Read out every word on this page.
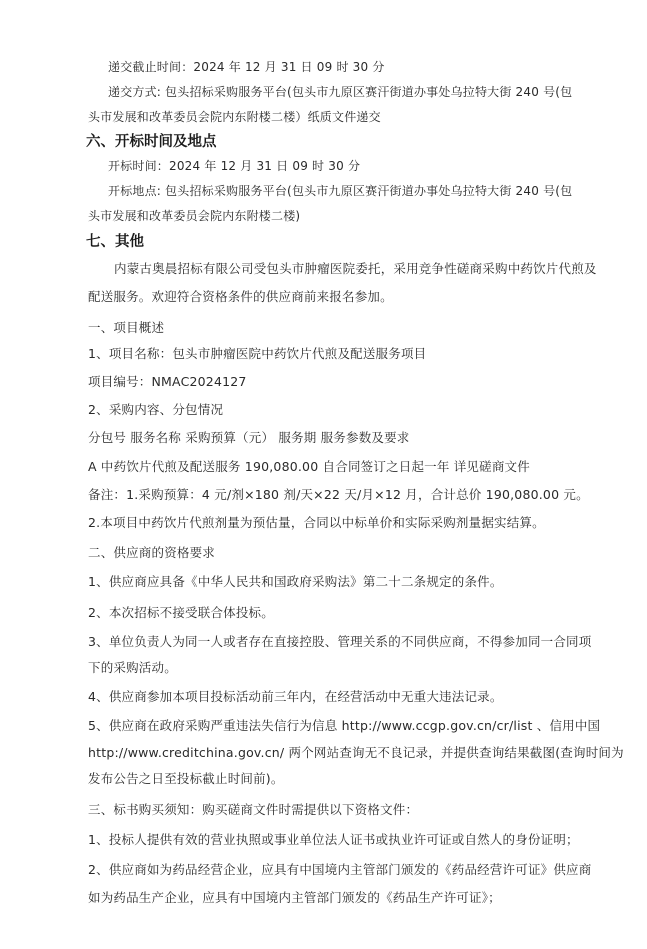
递交截止时间：2024 年 12 月 31 日 09 时 30 分
递交方式: 包头招标采购服务平台(包头市九原区赛汗街道办事处乌拉特大街 240 号(包
头市发展和改革委员会院内东附楼二楼）纸质文件递交
六、开标时间及地点
开标时间：2024 年 12 月 31 日 09 时 30 分
开标地点: 包头招标采购服务平台(包头市九原区赛汗街道办事处乌拉特大街 240 号(包
头市发展和改革委员会院内东附楼二楼)
七、其他
内蒙古奥晨招标有限公司受包头市肿瘤医院委托，采用竞争性磋商采购中药饮片代煎及
配送服务。欢迎符合资格条件的供应商前来报名参加。
一、项目概述
1、项目名称：包头市肿瘤医院中药饮片代煎及配送服务项目
项目编号：NMAC2024127
2、采购内容、分包情况
分包号 服务名称 采购预算（元） 服务期 服务参数及要求
A 中药饮片代煎及配送服务 190,080.00 自合同签订之日起一年 详见磋商文件
备注：1.采购预算：4 元/剂×180 剂/天×22 天/月×12 月，合计总价 190,080.00 元。
2.本项目中药饮片代煎剂量为预估量，合同以中标单价和实际采购剂量据实结算。
二、供应商的资格要求
1、供应商应具备《中华人民共和国政府采购法》第二十二条规定的条件。
2、本次招标不接受联合体投标。
3、单位负责人为同一人或者存在直接控股、管理关系的不同供应商，不得参加同一合同项
下的采购活动。
4、供应商参加本项目投标活动前三年内，在经营活动中无重大违法记录。
5、供应商在政府采购严重违法失信行为信息 http://www.ccgp.gov.cn/cr/list 、信用中国
http://www.creditchina.gov.cn/ 两个网站查询无不良记录，并提供查询结果截图(查询时间为
发布公告之日至投标截止时间前)。
三、标书购买须知：购买磋商文件时需提供以下资格文件：
1、投标人提供有效的营业执照或事业单位法人证书或执业许可证或自然人的身份证明；
2、供应商如为药品经营企业，应具有中国境内主管部门颁发的《药品经营许可证》供应商
如为药品生产企业，应具有中国境内主管部门颁发的《药品生产许可证》；
